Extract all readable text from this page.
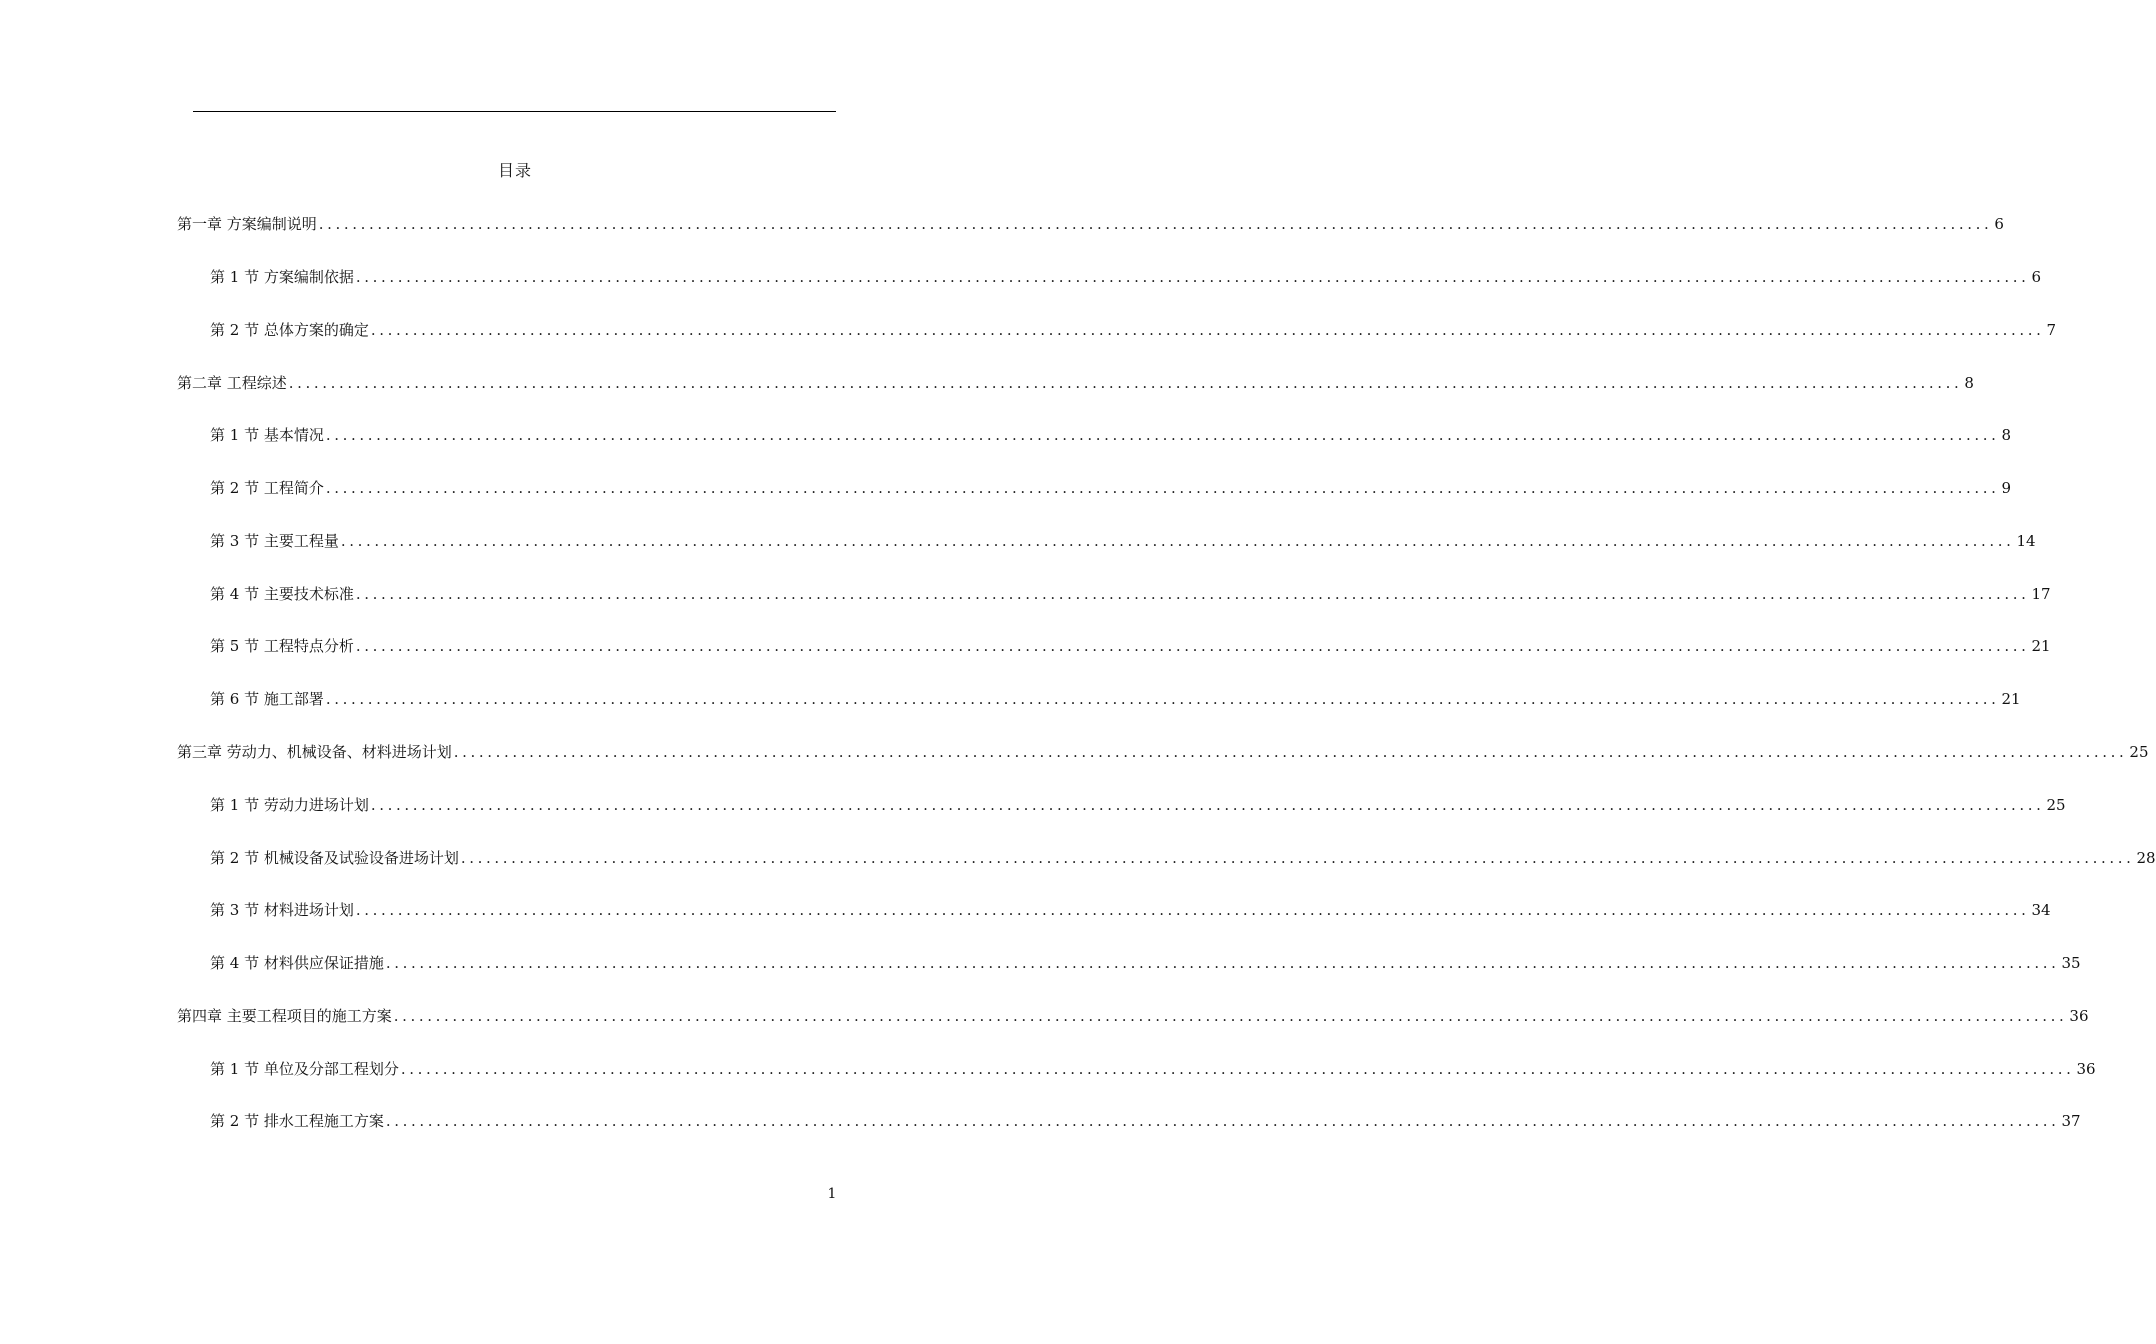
目录
第一章 方案编制说明 ........................................................................................................................................................................................................ 6
第 1 节 方案编制依据 ........................................................................................................................................................................................................ 6
第 2 节 总体方案的确定 ........................................................................................................................................................................................................ 7
第二章 工程综述 ........................................................................................................................................................................................................ 8
第 1 节 基本情况 ........................................................................................................................................................................................................ 8
第 2 节 工程简介 ........................................................................................................................................................................................................ 9
第 3 节 主要工程量 ........................................................................................................................................................................................................ 14
第 4 节 主要技术标准 ........................................................................................................................................................................................................ 17
第 5 节 工程特点分析 ........................................................................................................................................................................................................ 21
第 6 节 施工部署 ........................................................................................................................................................................................................ 21
第三章 劳动力、机械设备、材料进场计划 ........................................................................................................................................................................................................ 25
第 1 节 劳动力进场计划 ........................................................................................................................................................................................................ 25
第 2 节 机械设备及试验设备进场计划 ........................................................................................................................................................................................................ 28
第 3 节 材料进场计划 ........................................................................................................................................................................................................ 34
第 4 节 材料供应保证措施 ........................................................................................................................................................................................................ 35
第四章 主要工程项目的施工方案 ........................................................................................................................................................................................................ 36
第 1 节 单位及分部工程划分 ........................................................................................................................................................................................................ 36
第 2 节 排水工程施工方案 ........................................................................................................................................................................................................ 37
1
